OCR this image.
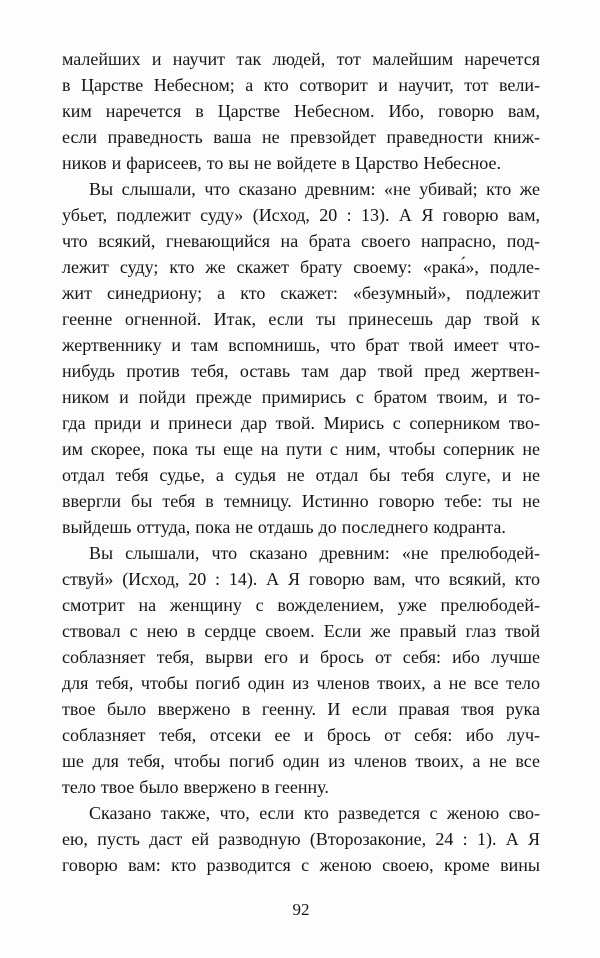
малейших и научит так людей, тот малейшим наречется
в Царстве Небесном; а кто сотворит и научит, тот вели-
ким наречется в Царстве Небесном. Ибо, говорю вам,
если праведность ваша не превзойдет праведности книж-
ников и фарисеев, то вы не войдете в Царство Небесное.
Вы слышали, что сказано древним: «не убивай; кто же
убьет, подлежит суду» (Исход, 20 : 13). А Я говорю вам,
что всякий, гневающийся на брата своего напрасно, под-
лежит суду; кто же скажет брату своему: «рака́», подле-
жит синедриону; а кто скажет: «безумный», подлежит
геенне огненной. Итак, если ты принесешь дар твой к
жертвеннику и там вспомнишь, что брат твой имеет что-
нибудь против тебя, оставь там дар твой пред жертвен-
ником и пойди прежде примирись с братом твоим, и то-
гда приди и принеси дар твой. Мирись с соперником тво-
им скорее, пока ты еще на пути с ним, чтобы соперник не
отдал тебя судье, а судья не отдал бы тебя слуге, и не
ввергли бы тебя в темницу. Истинно говорю тебе: ты не
выйдешь оттуда, пока не отдашь до последнего кодранта.
Вы слышали, что сказано древним: «не прелюбодей-
ствуй» (Исход, 20 : 14). А Я говорю вам, что всякий, кто
смотрит на женщину с вожделением, уже прелюбодей-
ствовал с нею в сердце своем. Если же правый глаз твой
соблазняет тебя, вырви его и брось от себя: ибо лучше
для тебя, чтобы погиб один из членов твоих, а не все тело
твое было ввержено в геенну. И если правая твоя рука
соблазняет тебя, отсеки ее и брось от себя: ибо луч-
ше для тебя, чтобы погиб один из членов твоих, а не все
тело твое было ввержено в геенну.
Сказано также, что, если кто разведется с женою сво-
ею, пусть даст ей разводную (Второзаконие, 24 : 1). А Я
говорю вам: кто разводится с женою своею, кроме вины
92
